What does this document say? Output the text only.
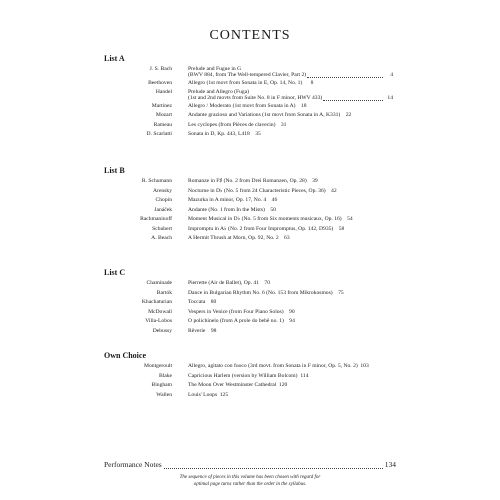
CONTENTS
List A
J. S. Bach	Prelude and Fugue in G
(BWV 884, from The Well-tempered Clavier, Part 2)	4
Beethoven	Allegro (1st movt from Sonata in E, Op. 14, No. 1)	8
Handel	Prelude and Allegro (Fuga)
(1st and 2nd movts from Suite No. 8 in F minor, HWV 433)	14
Martinez	Allegro / Moderato (1st movt from Sonata in A) 18
Mozart	Andante grazioso and Variations (1st movt from Sonata in A, K331) 22
Rameau	Les cyclopes (from Pièces de clavecin) 31
D. Scarlatti	Sonata in D, Kp. 443, L418 35
List B
R. Schumann	Romanze in F♯ (No. 2 from Drei Romanzen, Op. 28) 39
Arensky	Nocturne in D♭ (No. 5 from 24 Characteristic Pieces, Op. 36) 42
Chopin	Mazurka in A minor, Op. 17, No. 4 46
Janáček	Andante (No. 1 from In the Mists) 50
Rachmaninoff	Moment Musical in D♭ (No. 5 from Six moments musicaux, Op. 16) 54
Schubert	Impromptu in A♭ (No. 2 from Four Impromptus, Op. 142, D935) 58
A. Beach	A Hermit Thrush at Morn, Op. 92, No. 2 63
List C
Chaminade	Pierrette (Air de Ballet), Op. 41 70
Bartók	Dance in Bulgarian Rhythm No. 6 (No. 153 from Mikrokosmos) 75
Khachaturian	Toccata 80
McDowall	Vespers in Venice (from Four Piano Solos) 90
Villa-Lobos	O polichinelo (from A prole do bebê no. 1) 94
Debussy	Rêverie 98
Own Choice
Montgeroult	Allegro, agitato con fuoco (3rd movt. from Sonata in F minor, Op. 5, No. 2) 103
Blake	Capricious Harlem (version by William Bolcom) 114
Bingham	The Moon Over Westminster Cathedral 120
Wallen	Louis' Loops 125
Performance Notes	134
The sequence of pieces in this volume has been chosen with regard for
optimal page turns rather than the order in the syllabus.
